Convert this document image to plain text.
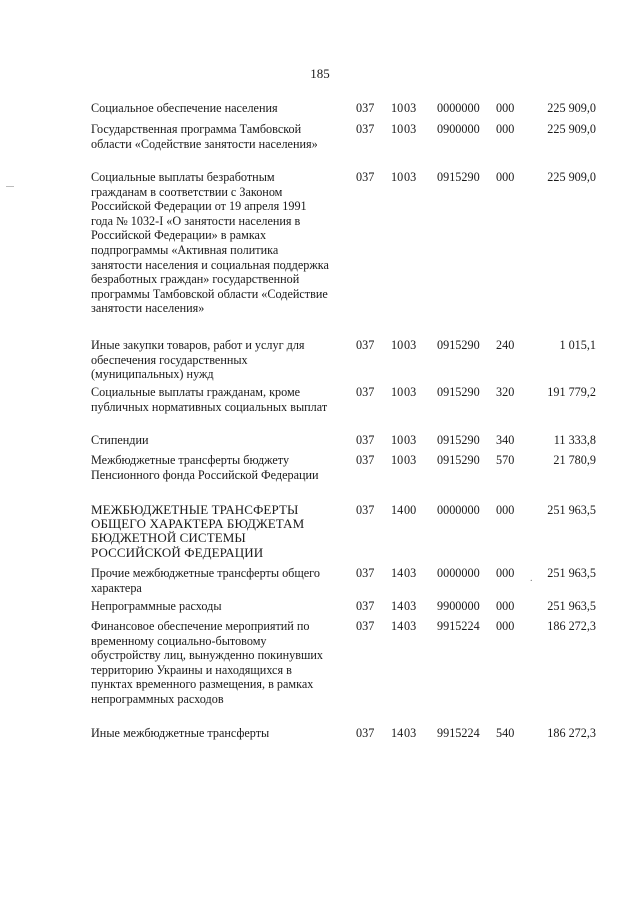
185
Социальное обеспечение населения	037 10 03 0000000 000	225 909,0
Государственная программа Тамбовской области «Содействие занятости населения»
037 10 03 0900000 000	225 909,0
Социальные выплаты безработным гражданам в соответствии с Законом Российской Федерации от 19 апреля 1991 года № 1032-I «О занятости населения в Российской Федерации» в рамках подпрограммы «Активная политика занятости населения и социальная поддержка безработных граждан» государственной программы Тамбовской области «Содействие занятости населения»
037 10 03 0915290 000	225 909,0
Иные закупки товаров, работ и услуг для обеспечения государственных (муниципальных) нужд
037 10 03 0915290 240	1 015,1
Социальные выплаты гражданам, кроме публичных нормативных социальных выплат
037 10 03 0915290 320	191 779,2
Стипендии	037 10 03 0915290 340	11 333,8
Межбюджетные трансферты бюджету Пенсионного фонда Российской Федерации
037 10 03 0915290 570	21 780,9
МЕЖБЮДЖЕТНЫЕ ТРАНСФЕРТЫ ОБЩЕГО ХАРАКТЕРА БЮДЖЕТАМ БЮДЖЕТНОЙ СИСТЕМЫ РОССИЙСКОЙ ФЕДЕРАЦИИ
037 14 00 0000000 000	251 963,5
Прочие межбюджетные трансферты общего характера
037 14 03 0000000 000	251 963,5
Непрограммные расходы	037 14 03 9900000 000	251 963,5
Финансовое обеспечение мероприятий по временному социально-бытовому обустройству лиц, вынужденно покинувших территорию Украины и находящихся в пунктах временного размещения, в рамках непрограммных расходов
037 14 03 9915224 000	186 272,3
Иные межбюджетные трансферты	037 14 03 9915224 540	186 272,3
.
